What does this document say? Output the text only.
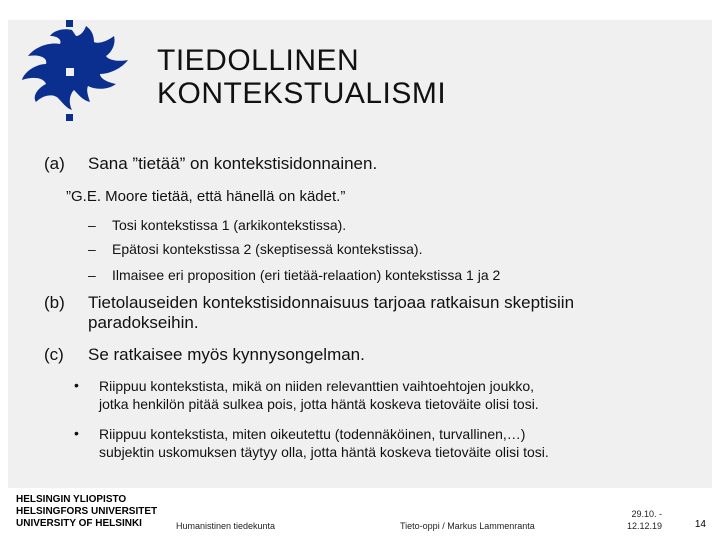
TIEDOLLINEN
KONTEKSTUALISMI
(a) Sana ”tietää” on kontekstisidonnainen.
”G.E. Moore tietää, että hänellä on kädet.”
– Tosi kontekstissa 1 (arkikontekstissa).
– Epätosi kontekstissa 2 (skeptisessä kontekstissa).
– Ilmaisee eri proposition (eri tietää-relaation) kontekstissa 1 ja 2
(b) Tietolauseiden kontekstisidonnaisuus tarjoaa ratkaisun skeptisiin
paradokseihin.
(c) Se ratkaisee myös kynnysongelman.
• Riippuu kontekstista, mikä on niiden relevanttien vaihtoehtojen joukko,
jotka henkilön pitää sulkea pois, jotta häntä koskeva tietoväite olisi tosi.
• Riippuu kontekstista, miten oikeutettu (todennäköinen, turvallinen,…)
subjektin uskomuksen täytyy olla, jotta häntä koskeva tietoväite olisi tosi.
HELSINGIN YLIOPISTO
HELSINGFORS UNIVERSITET
UNIVERSITY OF HELSINKI	Humanistinen tiedekunta	Tieto-oppi / Markus Lammenranta
29.10. -
12.12.19	14
